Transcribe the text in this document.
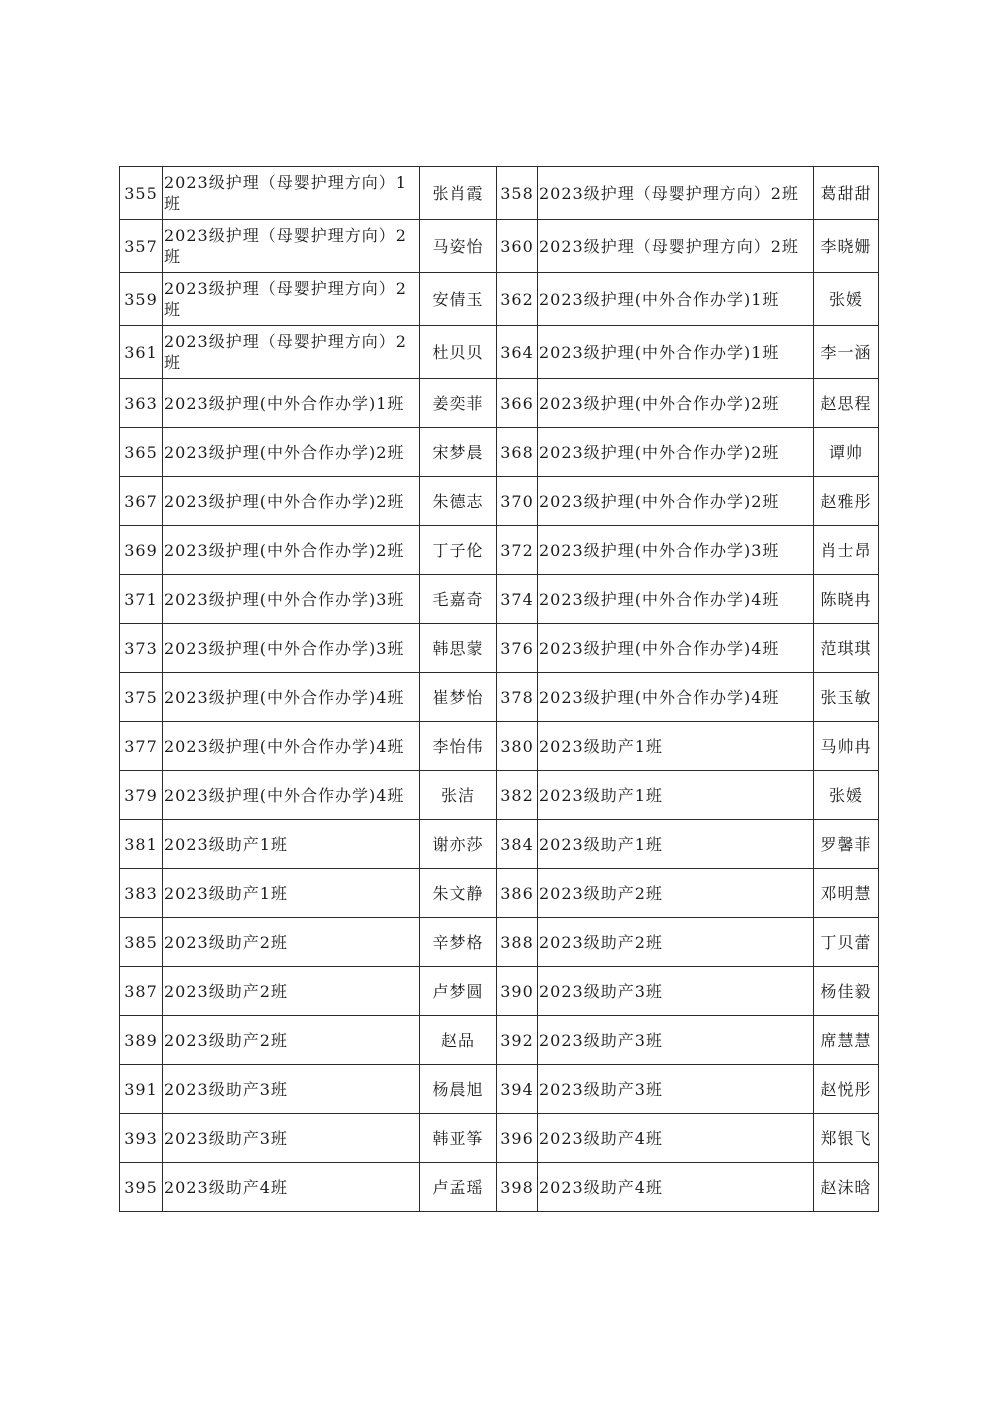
355	2023级护理（母婴护理方向）1班	张肖霞	358	2023级护理（母婴护理方向）2班	葛甜甜
357	2023级护理（母婴护理方向）2班	马姿怡	360	2023级护理（母婴护理方向）2班	李晓姗
359	2023级护理（母婴护理方向）2班	安倩玉	362	2023级护理(中外合作办学)1班	张媛
361	2023级护理（母婴护理方向）2班	杜贝贝	364	2023级护理(中外合作办学)1班	李一涵
363	2023级护理(中外合作办学)1班	姜奕菲	366	2023级护理(中外合作办学)2班	赵思程
365	2023级护理(中外合作办学)2班	宋梦晨	368	2023级护理(中外合作办学)2班	谭帅
367	2023级护理(中外合作办学)2班	朱德志	370	2023级护理(中外合作办学)2班	赵雅彤
369	2023级护理(中外合作办学)2班	丁子伦	372	2023级护理(中外合作办学)3班	肖士昂
371	2023级护理(中外合作办学)3班	毛嘉奇	374	2023级护理(中外合作办学)4班	陈晓冉
373	2023级护理(中外合作办学)3班	韩思蒙	376	2023级护理(中外合作办学)4班	范琪琪
375	2023级护理(中外合作办学)4班	崔梦怡	378	2023级护理(中外合作办学)4班	张玉敏
377	2023级护理(中外合作办学)4班	李怡伟	380	2023级助产1班	马帅冉
379	2023级护理(中外合作办学)4班	张洁	382	2023级助产1班	张媛
381	2023级助产1班	谢亦莎	384	2023级助产1班	罗馨菲
383	2023级助产1班	朱文静	386	2023级助产2班	邓明慧
385	2023级助产2班	辛梦格	388	2023级助产2班	丁贝蕾
387	2023级助产2班	卢梦圆	390	2023级助产3班	杨佳毅
389	2023级助产2班	赵品	392	2023级助产3班	席慧慧
391	2023级助产3班	杨晨旭	394	2023级助产3班	赵悦彤
393	2023级助产3班	韩亚筝	396	2023级助产4班	郑银飞
395	2023级助产4班	卢孟瑶	398	2023级助产4班	赵沫晗
